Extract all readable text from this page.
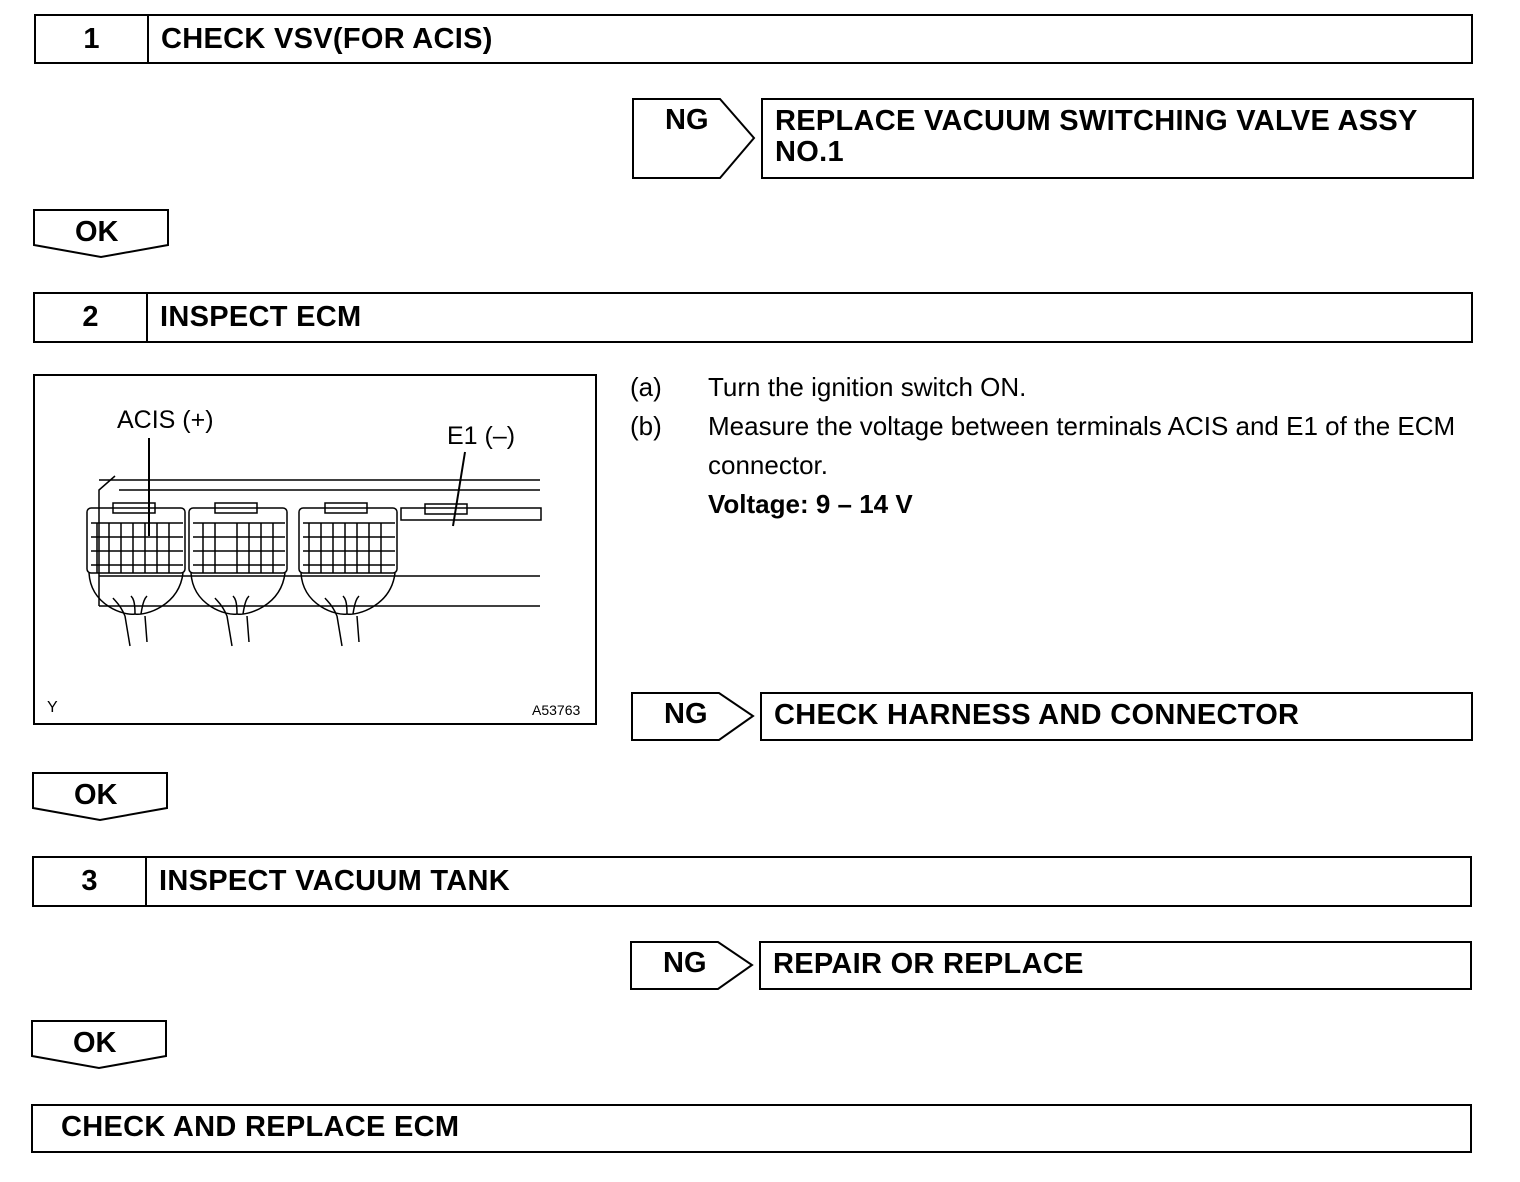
1	CHECK VSV(FOR ACIS)
NG	REPLACE VACUUM SWITCHING VALVE ASSY NO.1
OK
2	INSPECT ECM
ACIS (+)
E1 (–)
Y	A53763
(a) Turn the ignition switch ON.
(b) Measure the voltage between terminals ACIS and E1 of the ECM connector.
Voltage: 9 – 14 V
NG	CHECK HARNESS AND CONNECTOR
OK
3	INSPECT VACUUM TANK
NG	REPAIR OR REPLACE
OK
CHECK AND REPLACE ECM
